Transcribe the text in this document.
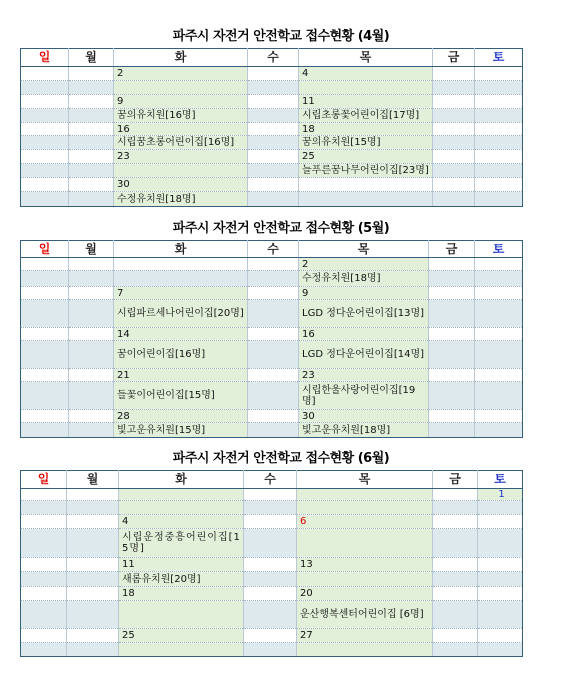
파주시 자전거 안전학교 접수현황 (4월)
일	월	화	수	목	금	토
		2		4		

		9		11		
		꿈의유치원[16명]		시립초롱꽃어린이집[17명]		
		16		18		
		시립꿈초롱어린이집[16명]		꿈의유치원[15명]		
		23		25		
				늘푸른꿈나무어린이집[23명]		
		30				
		수정유치원[18명]				
파주시 자전거 안전학교 접수현황 (5월)
일	월	화	수	목	금	토
				2		
				수정유치원[18명]		
		7		9		
		시립파르세나어린이집[20명]		LGD 정다운어린이집[13명]		
		14		16		
		꿈이어린이집[16명]		LGD 정다운어린이집[14명]		
		21		23		
		들꽃이어린이집[15명]		시립한울사랑어린이집[19명]		
		28		30		
		빛고운유치원[15명]		빛고운유치원[18명]		
파주시 자전거 안전학교 접수현황 (6월)
일	월	화	수	목	금	토
						1

		4		6		
		시립운정중흥어린이집[15명]				
		11		13		
		새롬유치원[20명]				
		18		20		
				운산행복센터어린이집 [6명]		
		25		27		
